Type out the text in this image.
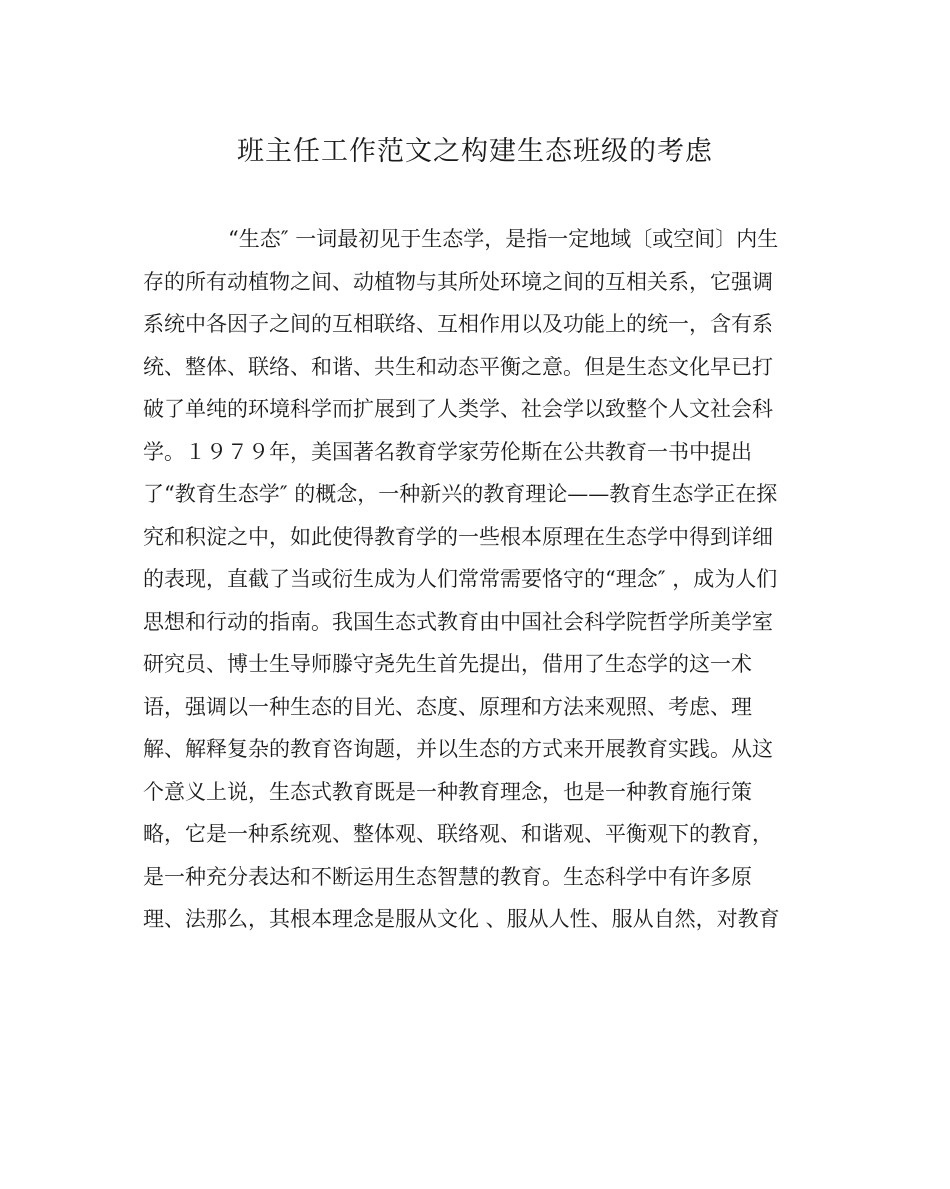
班主任工作范文之构建生态班级的考虑
“生态″ 一词最初见于生态学，是指一定地域〔或空间〕内生
存的所有动植物之间、动植物与其所处环境之间的互相关系，它强调
系统中各因子之间的互相联络、互相作用以及功能上的统一，含有系
统、整体、联络、和谐、共生和动态平衡之意。但是生态文化早已打
破了单纯的环境科学而扩展到了人类学、社会学以致整个人文社会科
学。１９７９年，美国著名教育学家劳伦斯在公共教育一书中提出
了“教育生态学″ 的概念，一种新兴的教育理论——教育生态学正在探
究和积淀之中，如此使得教育学的一些根本原理在生态学中得到详细
的表现，直截了当或衍生成为人们常常需要恪守的“理念″ ，成为人们
思想和行动的指南。我国生态式教育由中国社会科学院哲学所美学室
研究员、博士生导师滕守尧先生首先提出，借用了生态学的这一术
语，强调以一种生态的目光、态度、原理和方法来观照、考虑、理
解、解释复杂的教育咨询题，并以生态的方式来开展教育实践。从这
个意义上说，生态式教育既是一种教育理念，也是一种教育施行策
略，它是一种系统观、整体观、联络观、和谐观、平衡观下的教育，
是一种充分表达和不断运用生态智慧的教育。生态科学中有许多原
理、法那么，其根本理念是服从文化 、服从人性、服从自然，对教育
